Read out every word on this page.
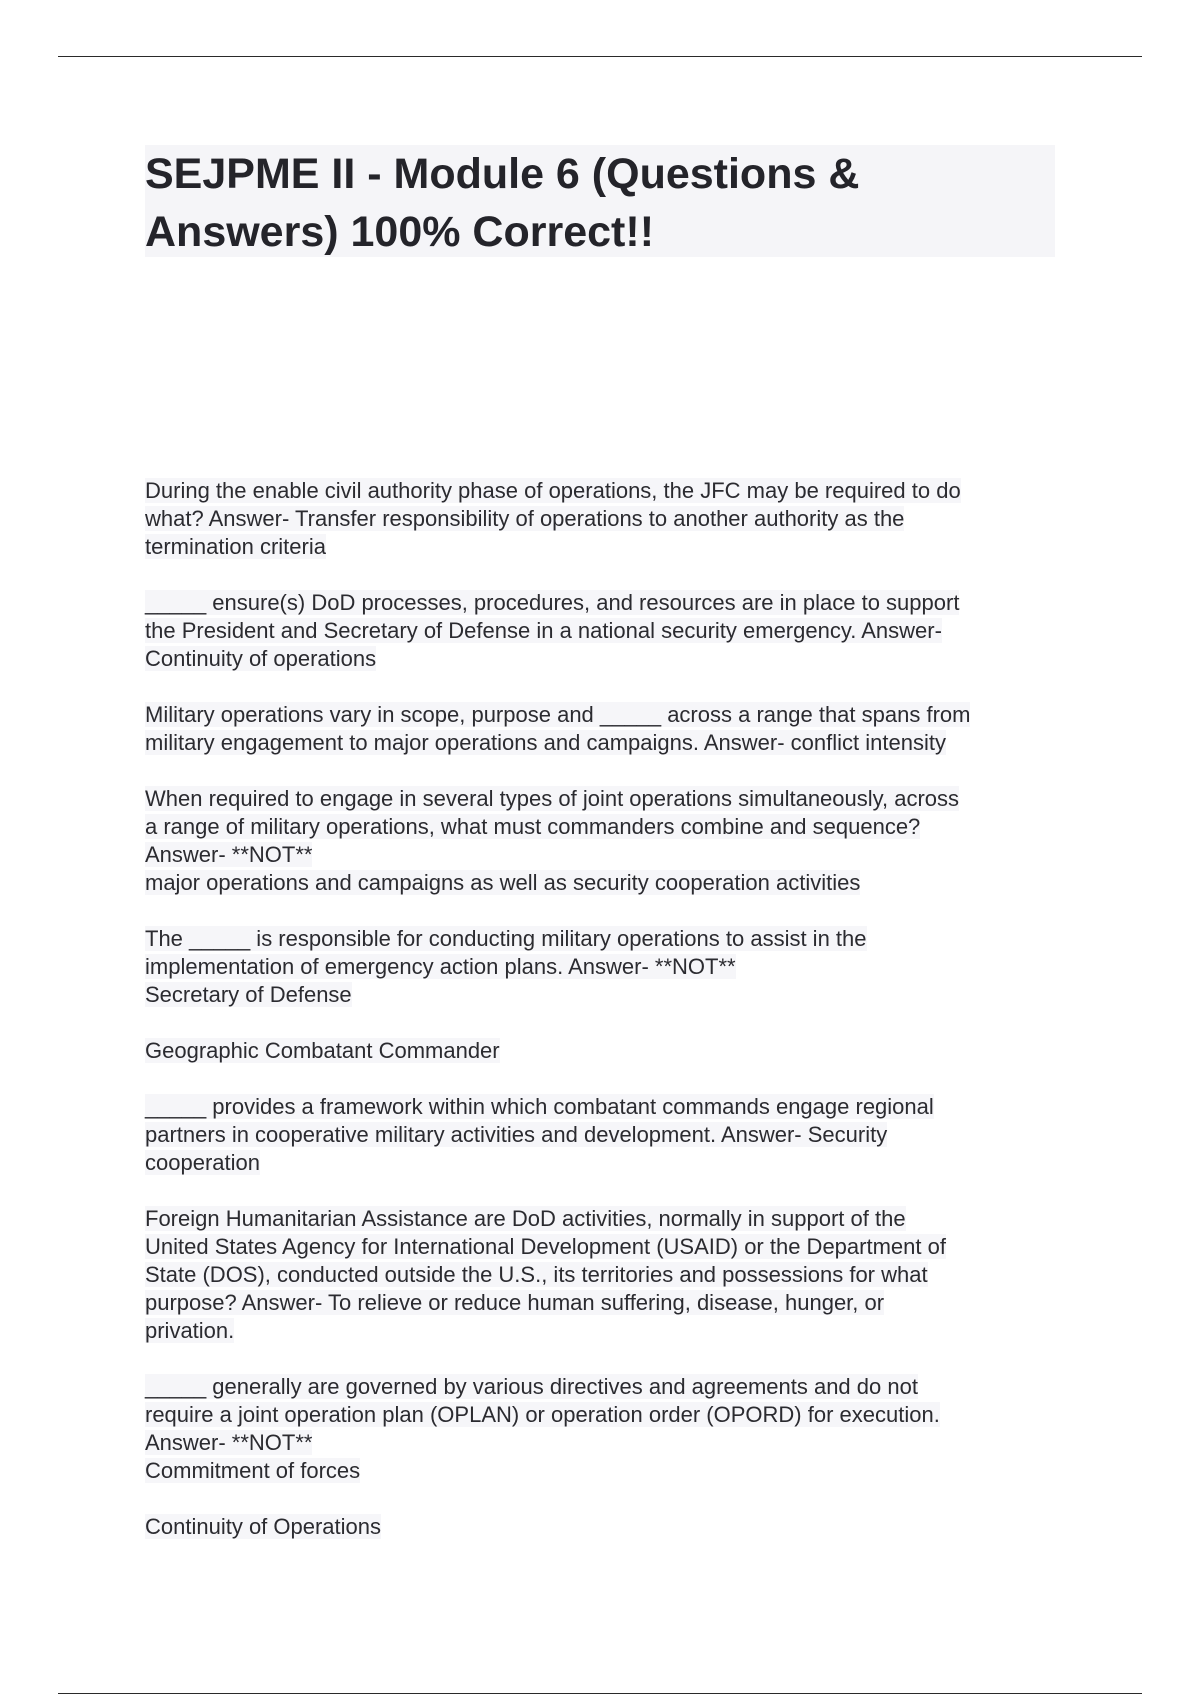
SEJPME II - Module 6 (Questions &
Answers) 100% Correct!!

During the enable civil authority phase of operations, the JFC may be required to do
what? Answer- Transfer responsibility of operations to another authority as the
termination criteria

_____ ensure(s) DoD processes, procedures, and resources are in place to support
the President and Secretary of Defense in a national security emergency. Answer-
Continuity of operations

Military operations vary in scope, purpose and _____ across a range that spans from
military engagement to major operations and campaigns. Answer- conflict intensity

When required to engage in several types of joint operations simultaneously, across
a range of military operations, what must commanders combine and sequence?
Answer- **NOT**
major operations and campaigns as well as security cooperation activities

The _____ is responsible for conducting military operations to assist in the
implementation of emergency action plans. Answer- **NOT**
Secretary of Defense

Geographic Combatant Commander

_____ provides a framework within which combatant commands engage regional
partners in cooperative military activities and development. Answer- Security
cooperation

Foreign Humanitarian Assistance are DoD activities, normally in support of the
United States Agency for International Development (USAID) or the Department of
State (DOS), conducted outside the U.S., its territories and possessions for what
purpose? Answer- To relieve or reduce human suffering, disease, hunger, or
privation.

_____ generally are governed by various directives and agreements and do not
require a joint operation plan (OPLAN) or operation order (OPORD) for execution.
Answer- **NOT**
Commitment of forces

Continuity of Operations
